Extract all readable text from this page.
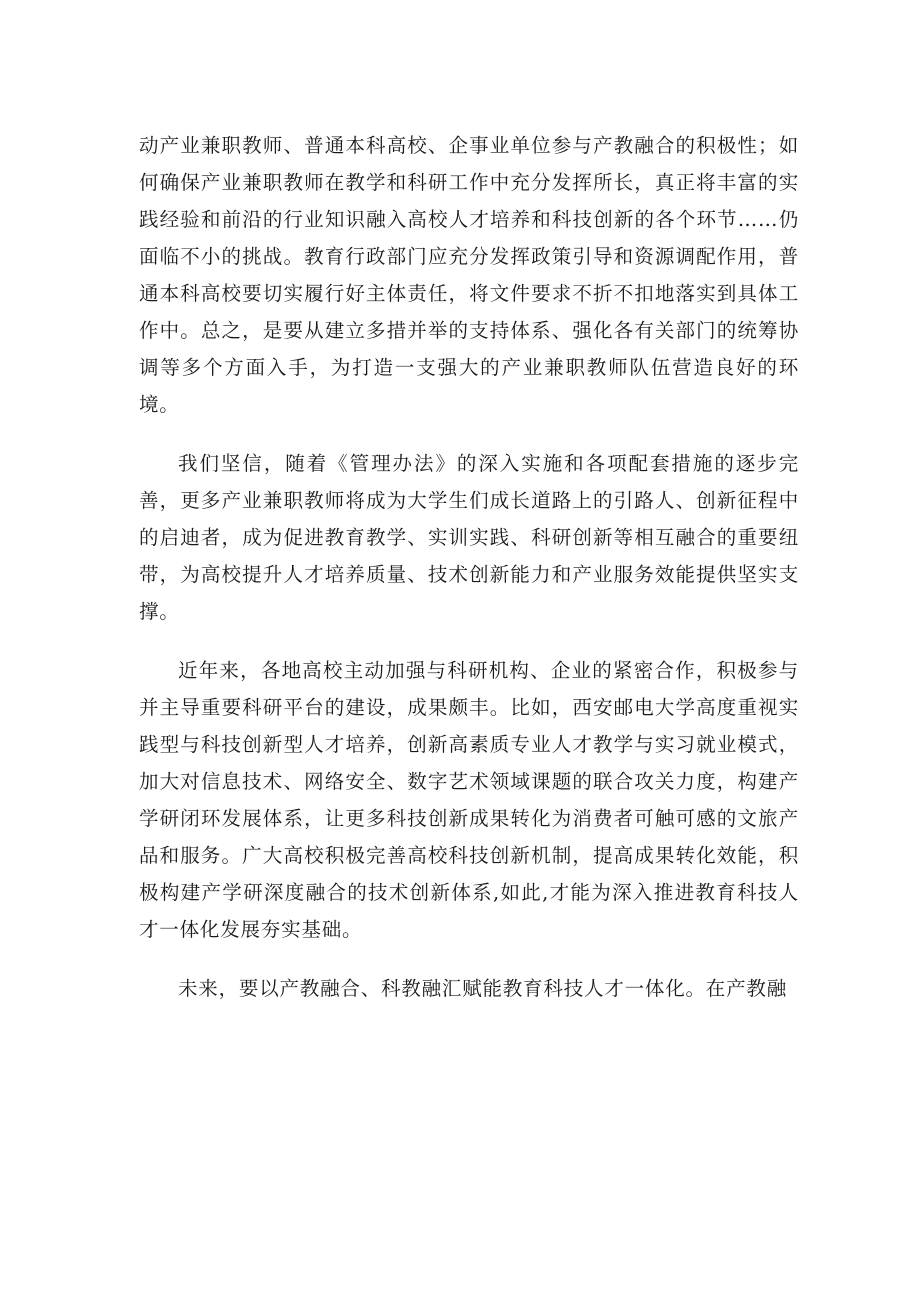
动产业兼职教师、普通本科高校、企事业单位参与产教融合的积极性；如何确保产业兼职教师在教学和科研工作中充分发挥所长，真正将丰富的实践经验和前沿的行业知识融入高校人才培养和科技创新的各个环节……仍面临不小的挑战。教育行政部门应充分发挥政策引导和资源调配作用，普通本科高校要切实履行好主体责任，将文件要求不折不扣地落实到具体工作中。总之，是要从建立多措并举的支持体系、强化各有关部门的统筹协调等多个方面入手，为打造一支强大的产业兼职教师队伍营造良好的环境。

我们坚信，随着《管理办法》的深入实施和各项配套措施的逐步完善，更多产业兼职教师将成为大学生们成长道路上的引路人、创新征程中的启迪者，成为促进教育教学、实训实践、科研创新等相互融合的重要纽带，为高校提升人才培养质量、技术创新能力和产业服务效能提供坚实支撑。

近年来，各地高校主动加强与科研机构、企业的紧密合作，积极参与并主导重要科研平台的建设，成果颇丰。比如，西安邮电大学高度重视实践型与科技创新型人才培养，创新高素质专业人才教学与实习就业模式，加大对信息技术、网络安全、数字艺术领域课题的联合攻关力度，构建产学研闭环发展体系，让更多科技创新成果转化为消费者可触可感的文旅产品和服务。广大高校积极完善高校科技创新机制，提高成果转化效能，积极构建产学研深度融合的技术创新体系,如此,才能为深入推进教育科技人才一体化发展夯实基础。

未来，要以产教融合、科教融汇赋能教育科技人才一体化。在产教融
